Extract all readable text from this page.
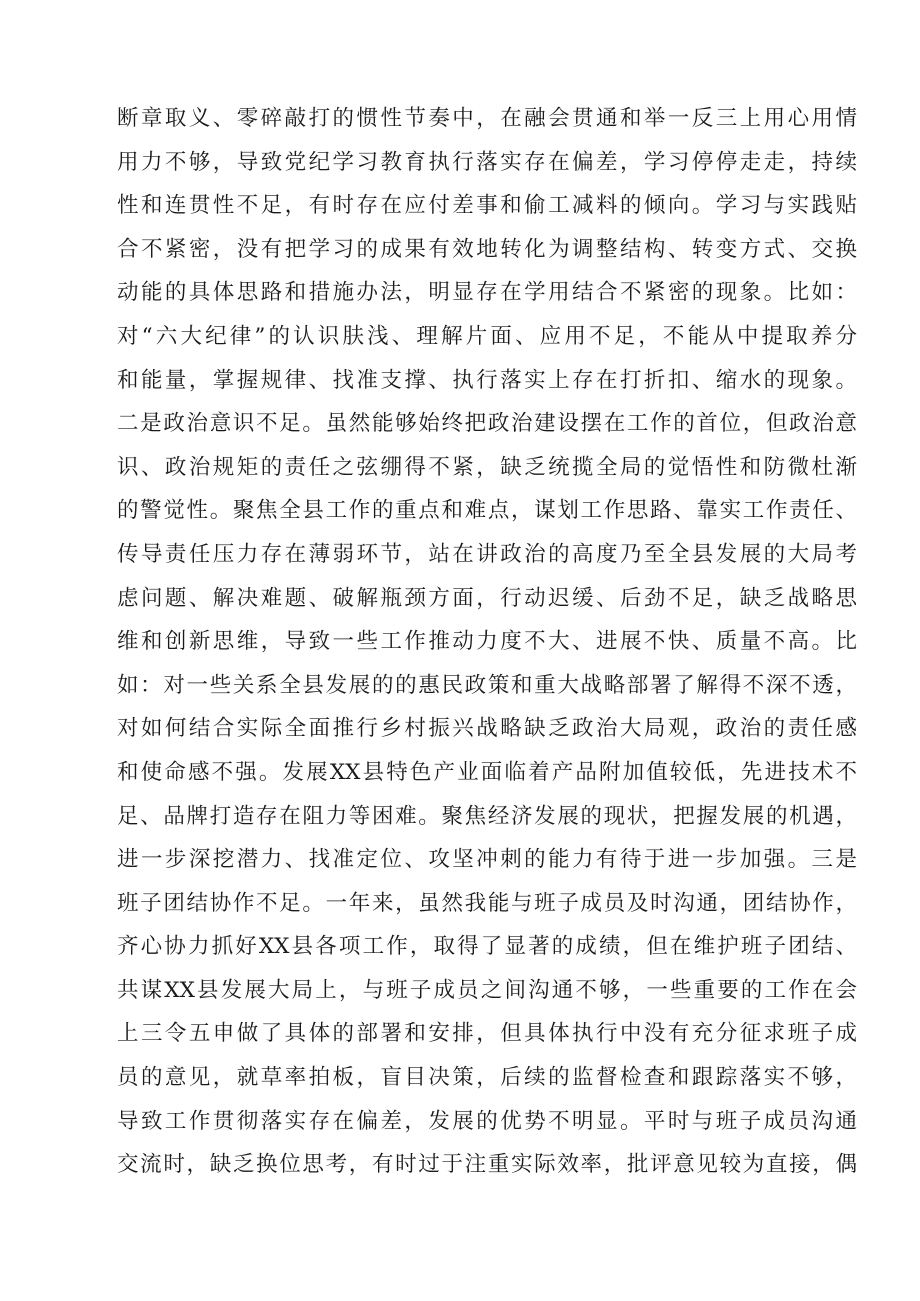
断章取义、零碎敲打的惯性节奏中，在融会贯通和举一反三上用心用情
用力不够，导致党纪学习教育执行落实存在偏差，学习停停走走，持续
性和连贯性不足，有时存在应付差事和偷工减料的倾向。学习与实践贴
合不紧密，没有把学习的成果有效地转化为调整结构、转变方式、交换
动能的具体思路和措施办法，明显存在学用结合不紧密的现象。比如：
对“六大纪律”的认识肤浅、理解片面、应用不足，不能从中提取养分
和能量，掌握规律、找准支撑、执行落实上存在打折扣、缩水的现象。
二是政治意识不足。虽然能够始终把政治建设摆在工作的首位，但政治意
识、政治规矩的责任之弦绷得不紧，缺乏统揽全局的觉悟性和防微杜渐
的警觉性。聚焦全县工作的重点和难点，谋划工作思路、靠实工作责任、
传导责任压力存在薄弱环节，站在讲政治的高度乃至全县发展的大局考
虑问题、解决难题、破解瓶颈方面，行动迟缓、后劲不足，缺乏战略思
维和创新思维，导致一些工作推动力度不大、进展不快、质量不高。比
如：对一些关系全县发展的的惠民政策和重大战略部署了解得不深不透，
对如何结合实际全面推行乡村振兴战略缺乏政治大局观，政治的责任感
和使命感不强。发展XX县特色产业面临着产品附加值较低，先进技术不
足、品牌打造存在阻力等困难。聚焦经济发展的现状，把握发展的机遇，
进一步深挖潜力、找准定位、攻坚冲刺的能力有待于进一步加强。三是
班子团结协作不足。一年来，虽然我能与班子成员及时沟通，团结协作，
齐心协力抓好XX县各项工作，取得了显著的成绩，但在维护班子团结、
共谋XX县发展大局上，与班子成员之间沟通不够，一些重要的工作在会
上三令五申做了具体的部署和安排，但具体执行中没有充分征求班子成
员的意见，就草率拍板，盲目决策，后续的监督检查和跟踪落实不够，
导致工作贯彻落实存在偏差，发展的优势不明显。平时与班子成员沟通
交流时，缺乏换位思考，有时过于注重实际效率，批评意见较为直接，偶
